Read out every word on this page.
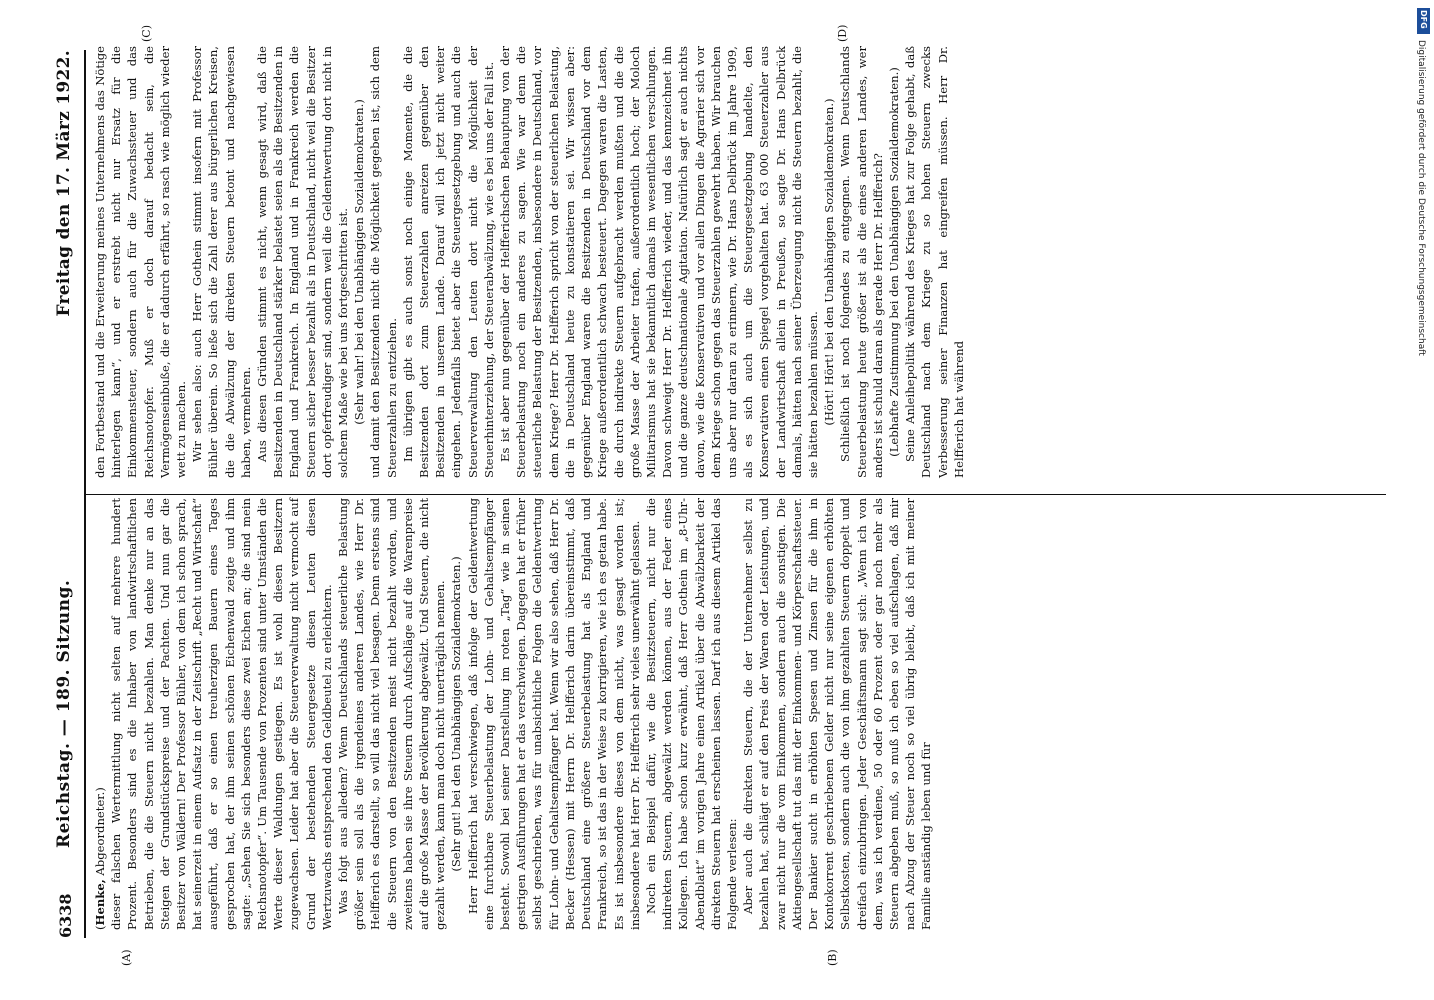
6338
Reichstag. — 189. Sitzung.
Freitag den 17. März 1922.
(A)	(B)
(C)	(D)

(Henke, Abgeordneter.) dieser falschen Wertermittlung nicht selten auf mehrere hundert Prozent. Besonders sind es die Inhaber von landwirtschaftlichen Betrieben, die die Steuern nicht bezahlen. Man denke nur an das Steigen der Grundstückspreise und der Pachten. Und nun gar die Besitzer von Wäldern! Der Professor Bühler, von dem ich schon sprach, hat seinerzeit in einem Aufsatz in der Zeitschrift „Recht und Wirtschaft“ ausgeführt, daß er so einen treuherzigen Bauern eines Tages gesprochen hat, der ihm seinen schönen Eichenwald zeigte und ihm sagte: „Sehen Sie sich besonders diese zwei Eichen an; die sind mein Reichsnotopfer“. Um Tausende von Prozenten sind unter Umständen die Werte dieser Waldungen gestiegen. Es ist wohl diesen Besitzern zugewachsen. Leider hat aber die Steuerverwaltung nicht vermocht auf Grund der bestehenden Steuergesetze diesen Leuten diesen Wertzuwachs entsprechend den Geldbeutel zu erleichtern. Was folgt aus alledem? Wenn Deutschlands steuerliche Belastung größer sein soll als die irgendeines anderen Landes, wie Herr Dr. Helfferich es darstellt, so will das nicht viel besagen. Denn erstens sind die Steuern von den Besitzenden meist nicht bezahlt worden, und zweitens haben sie ihre Steuern durch Aufschläge auf die Warenpreise auf die große Masse der Bevölkerung abgewälzt. Und Steuern, die nicht gezahlt werden, kann man doch nicht unerträglich nennen. (Sehr gut! bei den Unabhängigen Sozialdemokraten.) Herr Helfferich hat verschwiegen, daß infolge der Geldentwertung eine furchtbare Steuerbelastung der Lohn- und Gehaltsempfänger besteht. Sowohl bei seiner Darstellung im roten „Tag“ wie in seinen gestrigen Ausführungen hat er das verschwiegen. Dagegen hat er früher selbst geschrieben, was für unabsichtliche Folgen die Geldentwertung für Lohn- und Gehaltsempfänger hat. Wenn wir also sehen, daß Herr Dr. Becker (Hessen) mit Herrn Dr. Helfferich darin übereinstimmt, daß Deutschland eine größere Steuerbelastung hat als England und Frankreich, so ist das in der Weise zu korrigieren, wie ich es getan habe. Es ist insbesondere dieses von dem nicht, was gesagt worden ist; insbesondere hat Herr Dr. Helfferich sehr vieles unerwähnt gelassen. Noch ein Beispiel dafür, wie die Besitzsteuern, nicht nur die indirekten Steuern, abgewälzt werden können, aus der Feder eines Kollegen. Ich habe schon kurz erwähnt, daß Herr Gothein im „8-Uhr-Abendblatt“ im vorigen Jahre einen Artikel über die Abwälzbarkeit der direkten Steuern hat erscheinen lassen. Darf ich aus diesem Artikel das Folgende verlesen: Aber auch die direkten Steuern, die der Unternehmer selbst zu bezahlen hat, schlägt er auf den Preis der Waren oder Leistungen, und zwar nicht nur die vom Einkommen, sondern auch die sonstigen. Die Aktiengesellschaft tut das mit der Einkommen- und Körperschaftssteuer. Der Bankier sucht in erhöhten Spesen und Zinsen für die ihm in Kontokorrent geschriebenen Gelder nicht nur seine eigenen erhöhten Selbstkosten, sondern auch die von ihm gezahlten Steuern doppelt und dreifach einzubringen. Jeder Geschäftsmann sagt sich: „Wenn ich von dem, was ich verdiene, 50 oder 60 Prozent oder gar noch mehr als Steuern abgeben muß, so muß ich eben so viel aufschlagen, daß mir nach Abzug der Steuer noch so viel übrig bleibt, daß ich mit meiner Familie anständig leben und für

den Fortbestand und die Erweiterung meines Unternehmens das Nötige hinterlegen kann“, und er erstrebt nicht nur Ersatz für die Einkommensteuer, sondern auch für die Zuwachssteuer und das Reichsnotopfer. Muß er doch darauf bedacht sein, die Vermögenseinbuße, die er dadurch erfährt, so rasch wie möglich wieder wett zu machen. Wir sehen also: auch Herr Gothein stimmt insofern mit Professor Bühler überein. So ließe sich die Zahl derer aus bürgerlichen Kreisen, die die Abwälzung der direkten Steuern betont und nachgewiesen haben, vermehren. Aus diesen Gründen stimmt es nicht, wenn gesagt wird, daß die Besitzenden in Deutschland stärker belastet seien als die Besitzenden in England und Frankreich. In England und in Frankreich werden die Steuern sicher besser bezahlt als in Deutschland, nicht weil die Besitzer dort opferfreudiger sind, sondern weil die Geldentwertung dort nicht in solchem Maße wie bei uns fortgeschritten ist. (Sehr wahr! bei den Unabhängigen Sozialdemokraten.) und damit den Besitzenden nicht die Möglichkeit gegeben ist, sich dem Steuerzahlen zu entziehen. Im übrigen gibt es auch sonst noch einige Momente, die die Besitzenden dort zum Steuerzahlen anreizen gegenüber den Besitzenden in unserem Lande. Darauf will ich jetzt nicht weiter eingehen. Jedenfalls bietet aber die Steuergesetzgebung und auch die Steuerverwaltung den Leuten dort nicht die Möglichkeit der Steuerhinterziehung, der Steuerabwälzung, wie es bei uns der Fall ist. Es ist aber nun gegenüber der Helfferichschen Behauptung von der Steuerbelastung noch ein anderes zu sagen. Wie war denn die steuerliche Belastung der Besitzenden, insbesondere in Deutschland, vor dem Kriege? Herr Dr. Helfferich spricht von der steuerlichen Belastung, die in Deutschland heute zu konstatieren sei. Wir wissen aber: gegenüber England waren die Besitzenden in Deutschland vor dem Kriege außerordentlich schwach besteuert. Dagegen waren die Lasten, die durch indirekte Steuern aufgebracht werden mußten und die die große Masse der Arbeiter trafen, außerordentlich hoch; der Moloch Militarismus hat sie bekanntlich damals im wesentlichen verschlungen. Davon schweigt Herr Dr. Helfferich wieder, und das kennzeichnet ihn und die ganze deutschnationale Agitation. Natürlich sagt er auch nichts davon, wie die Konservativen und vor allen Dingen die Agrarier sich vor dem Kriege schon gegen das Steuerzahlen gewehrt haben. Wir brauchen uns aber nur daran zu erinnern, wie Dr. Hans Delbrück im Jahre 1909, als es sich auch um die Steuergesetzgebung handelte, den Konservativen einen Spiegel vorgehalten hat. 63 000 Steuerzahler aus der Landwirtschaft allein in Preußen, so sagte Dr. Hans Delbrück damals, hätten nach seiner Überzeugung nicht die Steuern bezahlt, die sie hätten bezahlen müssen. (Hört! Hört! bei den Unabhängigen Sozialdemokraten.) Schließlich ist noch folgendes zu entgegnen. Wenn Deutschlands Steuerbelastung heute größer ist als die eines anderen Landes, wer anders ist schuld daran als gerade Herr Dr. Helfferich? (Lebhafte Zustimmung bei den Unabhängigen Sozialdemokraten.) Seine Anleihepolitik während des Krieges hat zur Folge gehabt, daß Deutschland nach dem Kriege zu so hohen Steuern zwecks Verbesserung seiner Finanzen hat eingreifen müssen. Herr Dr. Helfferich hat während

Digitalisierung gefördert durch die Deutsche Forschungsgemeinschaft
DFG
